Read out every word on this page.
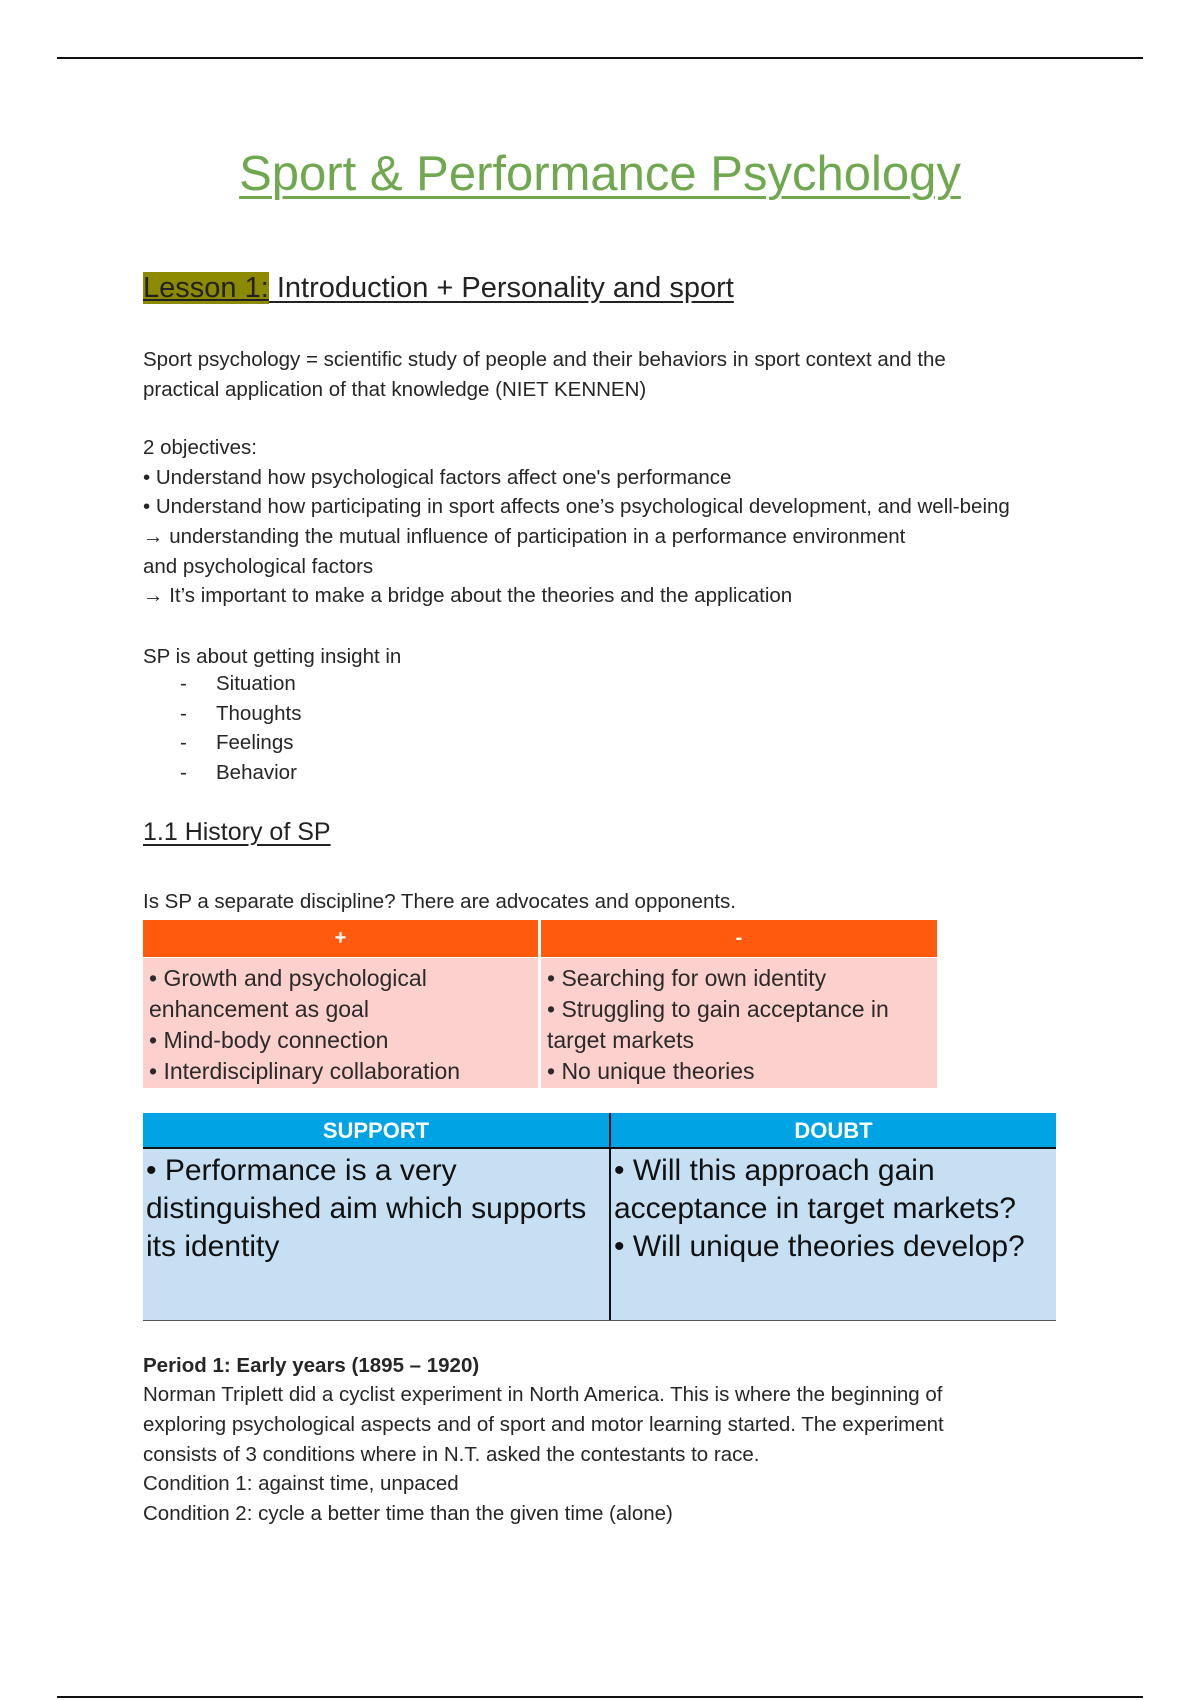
Sport & Performance Psychology
Lesson 1: Introduction + Personality and sport
Sport psychology = scientific study of people and their behaviors in sport context and the
practical application of that knowledge (NIET KENNEN)
2 objectives:
• Understand how psychological factors affect one's performance
• Understand how participating in sport affects one’s psychological development, and well-being
→ understanding the mutual influence of participation in a performance environment
and psychological factors
→ It’s important to make a bridge about the theories and the application
SP is about getting insight in
- Situation
- Thoughts
- Feelings
- Behavior
1.1 History of SP
Is SP a separate discipline? There are advocates and opponents.
+	-
• Growth and psychological
enhancement as goal
• Mind-body connection
• Interdisciplinary collaboration
• Searching for own identity
• Struggling to gain acceptance in
target markets
• No unique theories
SUPPORT	DOUBT
• Performance is a very
distinguished aim which supports
its identity
• Will this approach gain
acceptance in target markets?
• Will unique theories develop?
Period 1: Early years (1895 – 1920)
Norman Triplett did a cyclist experiment in North America. This is where the beginning of
exploring psychological aspects and of sport and motor learning started. The experiment
consists of 3 conditions where in N.T. asked the contestants to race.
Condition 1: against time, unpaced
Condition 2: cycle a better time than the given time (alone)
